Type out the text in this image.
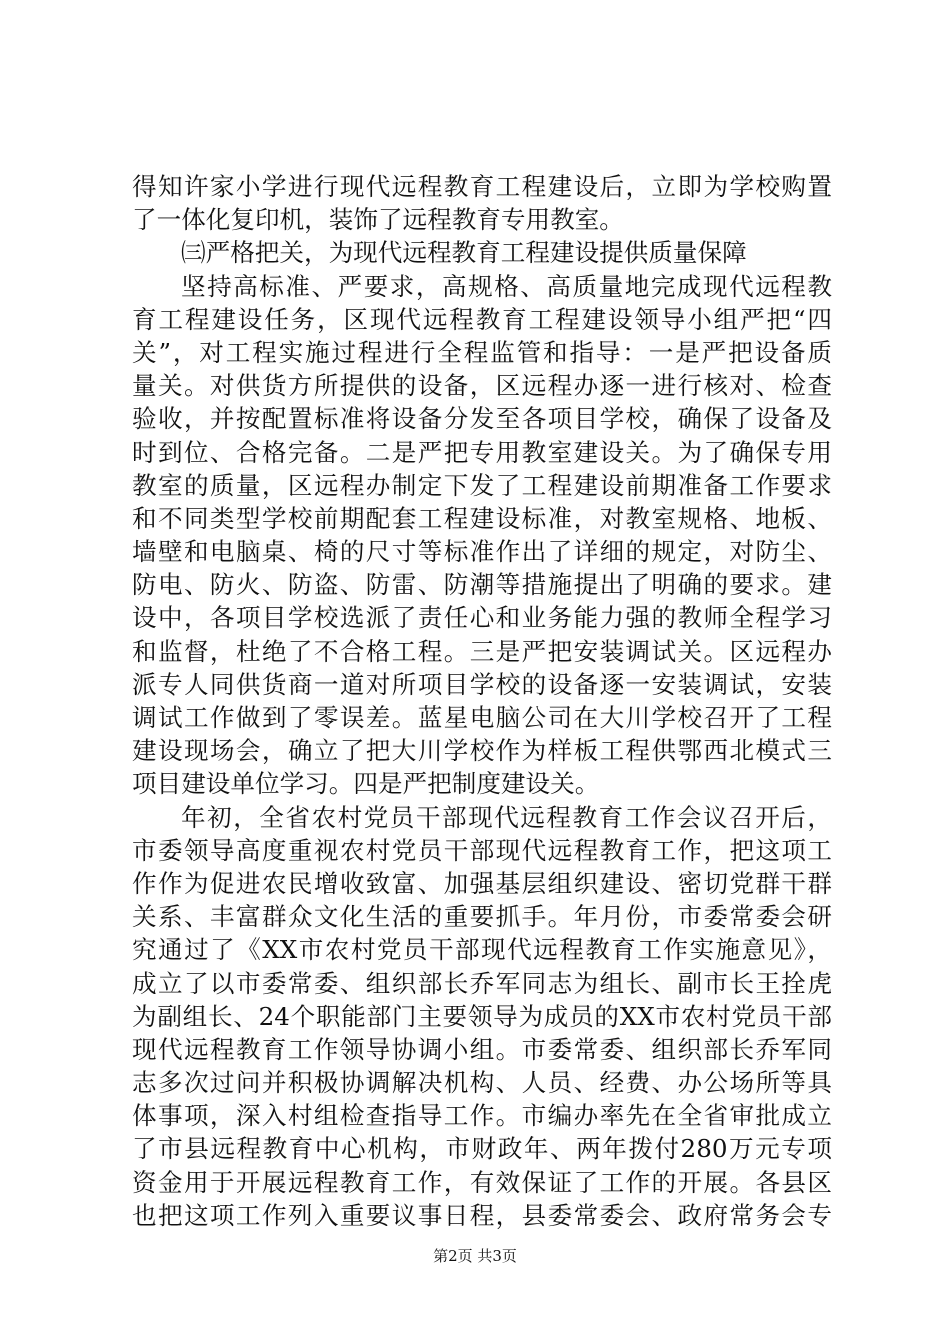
得知许家小学进行现代远程教育工程建设后，立即为学校购置
了一体化复印机，装饰了远程教育专用教室。
㈢严格把关，为现代远程教育工程建设提供质量保障
坚持高标准、严要求，高规格、高质量地完成现代远程教
育工程建设任务，区现代远程教育工程建设领导小组严把“四
关”，对工程实施过程进行全程监管和指导：一是严把设备质
量关。对供货方所提供的设备，区远程办逐一进行核对、检查
验收，并按配置标准将设备分发至各项目学校，确保了设备及
时到位、合格完备。二是严把专用教室建设关。为了确保专用
教室的质量，区远程办制定下发了工程建设前期准备工作要求
和不同类型学校前期配套工程建设标准，对教室规格、地板、
墙壁和电脑桌、椅的尺寸等标准作出了详细的规定，对防尘、
防电、防火、防盗、防雷、防潮等措施提出了明确的要求。建
设中，各项目学校选派了责任心和业务能力强的教师全程学习
和监督，杜绝了不合格工程。三是严把安装调试关。区远程办
派专人同供货商一道对所项目学校的设备逐一安装调试，安装
调试工作做到了零误差。蓝星电脑公司在大川学校召开了工程
建设现场会，确立了把大川学校作为样板工程供鄂西北模式三
项目建设单位学习。四是严把制度建设关。
年初，全省农村党员干部现代远程教育工作会议召开后，
市委领导高度重视农村党员干部现代远程教育工作，把这项工
作作为促进农民增收致富、加强基层组织建设、密切党群干群
关系、丰富群众文化生活的重要抓手。年月份，市委常委会研
究通过了《XX市农村党员干部现代远程教育工作实施意见》，
成立了以市委常委、组织部长乔军同志为组长、副市长王拴虎
为副组长、24个职能部门主要领导为成员的XX市农村党员干部
现代远程教育工作领导协调小组。市委常委、组织部长乔军同
志多次过问并积极协调解决机构、人员、经费、办公场所等具
体事项，深入村组检查指导工作。市编办率先在全省审批成立
了市县远程教育中心机构，市财政年、两年拨付280万元专项
资金用于开展远程教育工作，有效保证了工作的开展。各县区
也把这项工作列入重要议事日程，县委常委会、政府常务会专
第2页 共3页
